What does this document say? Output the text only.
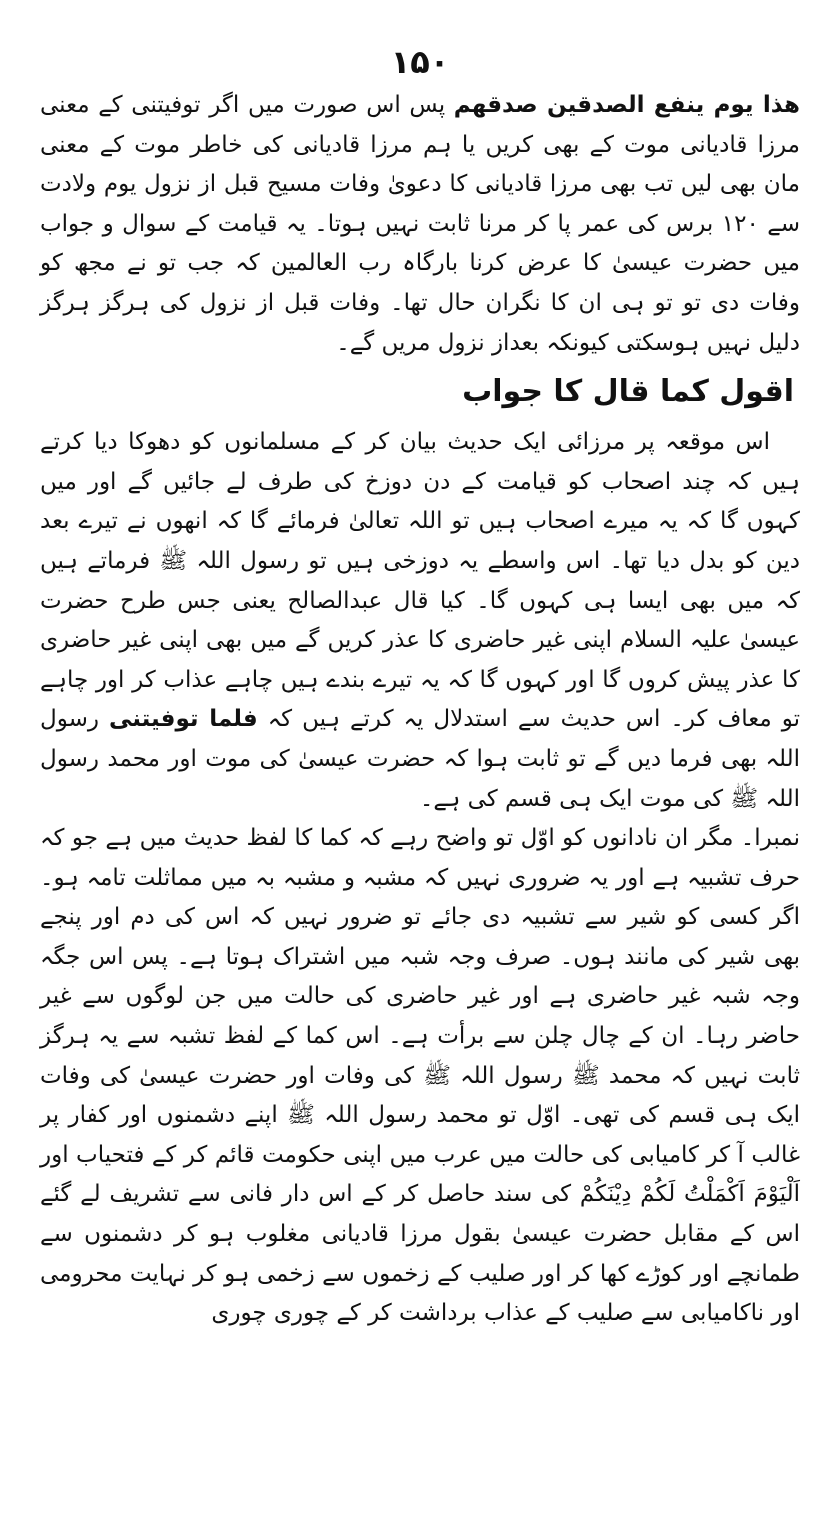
۱۵۰

هذا یوم ینفع الصدقین صدقهم پس اس صورت میں اگر توفیتنی کے معنی مرزا قادیانی موت کے بھی کریں یا ہم مرزا قادیانی کی خاطر موت کے معنی مان بھی لیں تب بھی مرزا قادیانی کا دعویٰ وفات مسیح قبل از نزول یوم ولادت سے ۱۲۰ برس کی عمر پا کر مرنا ثابت نہیں ہوتا۔ یہ قیامت کے سوال و جواب میں حضرت عیسیٰ کا عرض کرنا بارگاہ رب العالمین کہ جب تو نے مجھ کو وفات دی تو تو ہی ان کا نگران حال تھا۔ وفات قبل از نزول کی ہرگز ہرگز دلیل نہیں ہوسکتی کیونکہ بعداز نزول مریں گے۔

اقول کما قال کا جواب

اس موقعہ پر مرزائی ایک حدیث بیان کر کے مسلمانوں کو دھوکا دیا کرتے ہیں کہ چند اصحاب کو قیامت کے دن دوزخ کی طرف لے جائیں گے اور میں کہوں گا کہ یہ میرے اصحاب ہیں تو اللہ تعالیٰ فرمائے گا کہ انھوں نے تیرے بعد دین کو بدل دیا تھا۔ اس واسطے یہ دوزخی ہیں تو رسول اللہ ﷺ فرماتے ہیں کہ میں بھی ایسا ہی کہوں گا۔ کیا قال عبدالصالح یعنی جس طرح حضرت عیسیٰ علیہ السلام اپنی غیر حاضری کا عذر کریں گے میں بھی اپنی غیر حاضری کا عذر پیش کروں گا اور کہوں گا کہ یہ تیرے بندے ہیں چاہے عذاب کر اور چاہے تو معاف کر۔ اس حدیث سے استدلال یہ کرتے ہیں کہ فلما توفیتنی رسول اللہ بھی فرما دیں گے تو ثابت ہوا کہ حضرت عیسیٰ کی موت اور محمد رسول اللہ ﷺ کی موت ایک ہی قسم کی ہے۔

نمبرا۔ مگر ان نادانوں کو اوّل تو واضح رہے کہ کما کا لفظ حدیث میں ہے جو کہ حرف تشبیہ ہے اور یہ ضروری نہیں کہ مشبہ و مشبہ بہ میں مماثلت تامہ ہو۔ اگر کسی کو شیر سے تشبیہ دی جائے تو ضرور نہیں کہ اس کی دم اور پنجے بھی شیر کی مانند ہوں۔ صرف وجہ شبہ میں اشتراک ہوتا ہے۔ پس اس جگہ وجہ شبہ غیر حاضری ہے اور غیر حاضری کی حالت میں جن لوگوں سے غیر حاضر رہا۔ ان کے چال چلن سے برأت ہے۔ اس کما کے لفظ تشبہ سے یہ ہرگز ثابت نہیں کہ محمد ﷺ رسول اللہ ﷺ کی وفات اور حضرت عیسیٰ کی وفات ایک ہی قسم کی تھی۔ اوّل تو محمد رسول اللہ ﷺ اپنے دشمنوں اور کفار پر غالب آ کر کامیابی کی حالت میں عرب میں اپنی حکومت قائم کر کے فتحیاب اور اَلْیَوْمَ اَکْمَلْتُ لَکُمْ دِیْنَکُمْ کی سند حاصل کر کے اس دار فانی سے تشریف لے گئے اس کے مقابل حضرت عیسیٰ بقول مرزا قادیانی مغلوب ہو کر دشمنوں سے طمانچے اور کوڑے کھا کر اور صلیب کے زخموں سے زخمی ہو کر نہایت محرومی اور ناکامیابی سے صلیب کے عذاب برداشت کر کے چوری چوری
